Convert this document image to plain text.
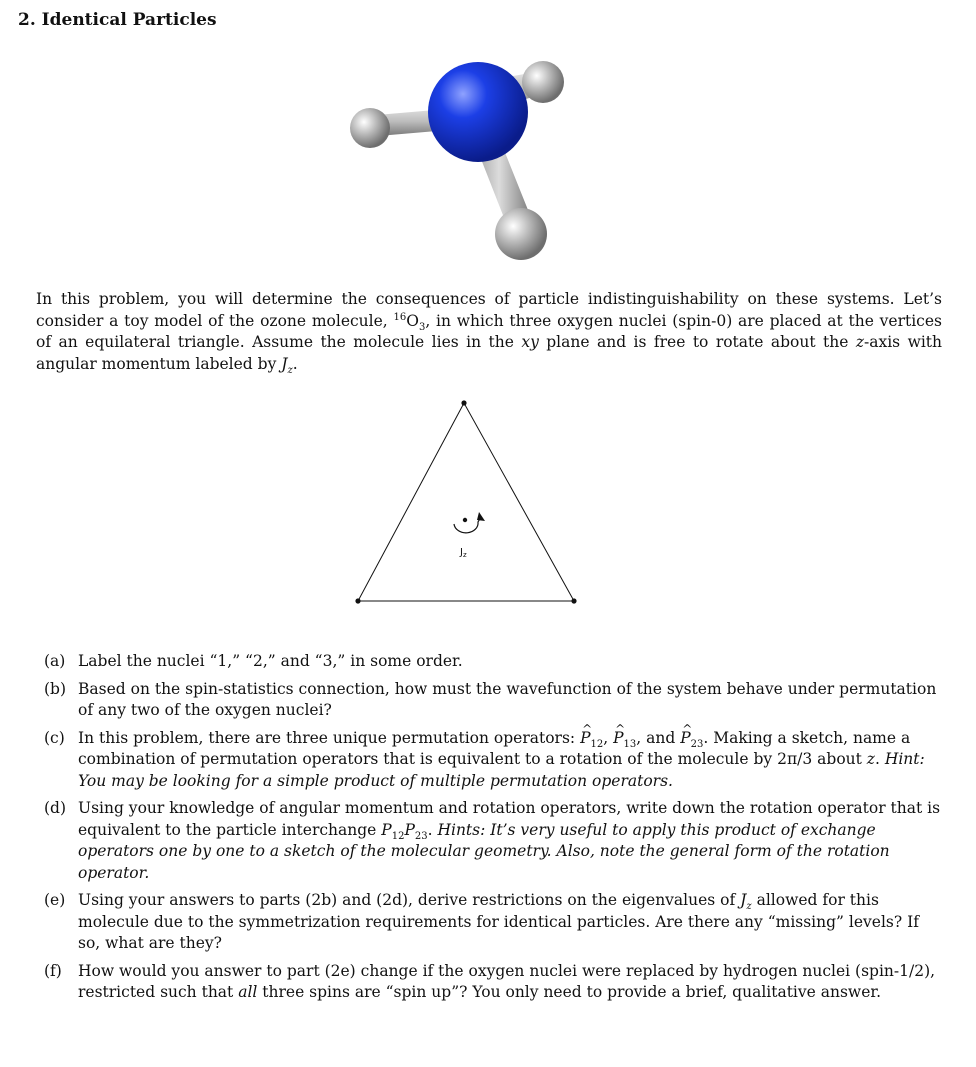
2. Identical Particles

In this problem, you will determine the consequences of particle indistinguishability on these systems. Let’s consider a toy model of the ozone molecule, $^{16}O_3$, in which three oxygen nuclei (spin-0) are placed at the vertices of an equilateral triangle. Assume the molecule lies in the xy plane and is free to rotate about the z-axis with angular momentum labeled by $J_z$.

$J_z$
(a) Label the nuclei “1,” “2,” and “3,” in some order.
(b) Based on the spin-statistics connection, how must the wavefunction of the system behave under permutation of any two of the oxygen nuclei?
(c) In this problem, there are three unique permutation operators: ^ $P_{12}$, ^ $P_{13}$, and ^ $P_{23}$. Making a sketch, name a combination of permutation operators that is equivalent to a rotation of the molecule by 2π/3 about z. Hint: You may be looking for a simple product of multiple permutation operators.
(d) Using your knowledge of angular momentum and rotation operators, write down the rotation operator that is equivalent to the particle interchange $P_{12}P_{23}$. Hints: It’s very useful to apply this product of exchange operators one by one to a sketch of the molecular geometry. Also, note the general form of the rotation operator.
(e) Using your answers to parts (2b) and (2d), derive restrictions on the eigenvalues of $J_z$ allowed for this molecule due to the symmetrization requirements for identical particles. Are there any “missing” levels? If so, what are they?
(f) How would you answer to part (2e) change if the oxygen nuclei were replaced by hydrogen nuclei (spin-1/2), restricted such that all three spins are “spin up”? You only need to provide a brief, qualitative answer.
